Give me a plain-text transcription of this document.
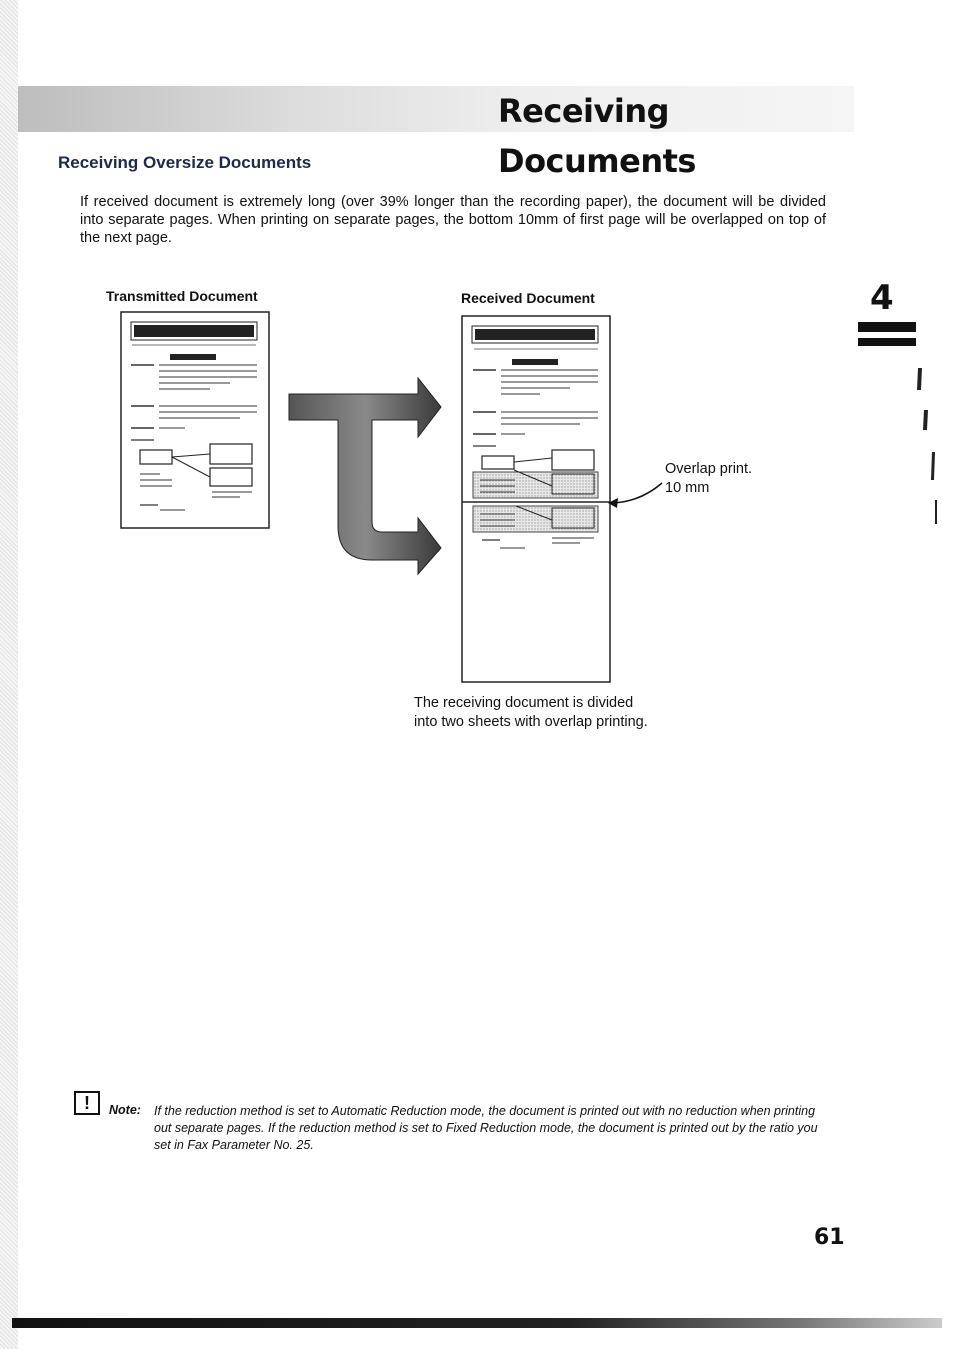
Receiving Documents
Receiving Oversize Documents

If received document is extremely long (over 39% longer than the recording paper), the document will be divided into separate pages. When printing on separate pages, the bottom 10mm of first page will be overlapped on top of the next page.

Transmitted Document	Received Document
Overlap print.
10 mm
The receiving document is divided
into two sheets with overlap printing.
4
!	Note: If the reduction method is set to Automatic Reduction mode, the document is printed out with no reduction when printing out separate pages. If the reduction method is set to Fixed Reduction mode, the document is printed out by the ratio you set in Fax Parameter No. 25.
61
